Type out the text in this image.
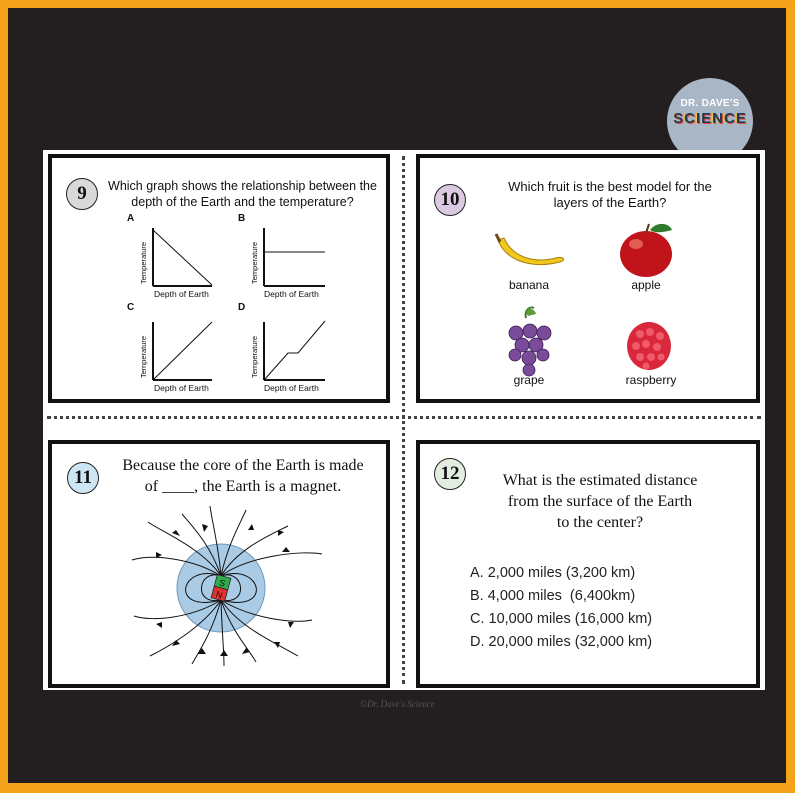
DR. DAVE'S
SCIENCE
9	Which graph shows the relationship between the
depth of the Earth and the temperature?
A
Temperature
Depth of Earth
B
Temperature
Depth of Earth
C
Temperature
Depth of Earth
D
Temperature
Depth of Earth
10
Which fruit is the best model for the
layers of the Earth?
banana	apple
grape	raspberry
11
Because the core of the Earth is made
of ____, the Earth is a magnet.
S
N
12	What is the estimated distance
from the surface of the Earth
to the center?
A. 2,000 miles (3,200 km)
B. 4,000 miles  (6,400km)
C. 10,000 miles (16,000 km)
D. 20,000 miles (32,000 km)
©Dr. Dave's Science
